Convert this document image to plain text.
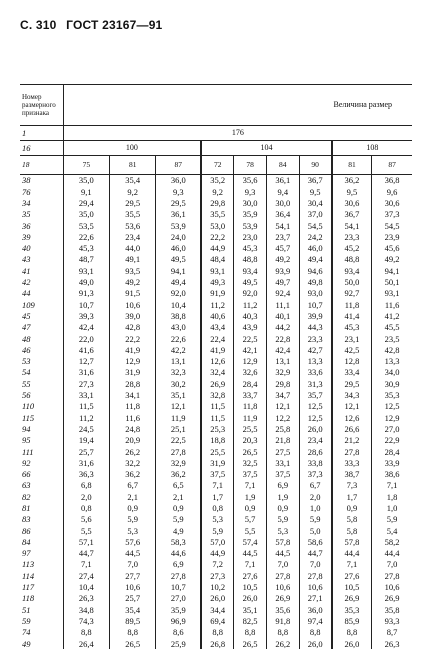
С. 310 ГОСТ 23167—91
Номер размерного признака	Величина размер								
1	176								
16	100			104				108	
18	75	81	87	72	78	84	90	81	87
38	35,0	35,4	36,0	35,2	35,6	36,1	36,7	36,2	36,8
76	9,1	9,2	9,3	9,2	9,3	9,4	9,5	9,5	9,6
34	29,4	29,5	29,5	29,8	30,0	30,0	30,4	30,6	30,6
35	35,0	35,5	36,1	35,5	35,9	36,4	37,0	36,7	37,3
36	53,5	53,6	53,9	53,0	53,9	54,1	54,5	54,1	54,5
39	22,6	23,4	24,0	22,2	23,0	23,7	24,2	23,3	23,9
40	45,3	44,0	46,0	44,9	45,3	45,7	46,0	45,2	45,6
43	48,7	49,1	49,5	48,4	48,8	49,2	49,4	48,8	49,2
41	93,1	93,5	94,1	93,1	93,4	93,9	94,6	93,4	94,1
42	49,0	49,2	49,4	49,3	49,5	49,7	49,8	50,0	50,1
44	91,3	91,5	92,0	91,9	92,0	92,4	93,0	92,7	93,1
109	10,7	10,6	10,4	11,2	11,2	11,1	10,7	11,8	11,6
45	39,3	39,0	38,8	40,6	40,3	40,1	39,9	41,4	41,2
47	42,4	42,8	43,0	43,4	43,9	44,2	44,3	45,3	45,5
48	22,0	22,2	22,6	22,4	22,5	22,8	23,3	23,1	23,5
46	41,6	41,9	42,2	41,9	42,1	42,4	42,7	42,5	42,8
53	12,7	12,9	13,1	12,6	12,9	13,1	13,3	12,8	13,3
54	31,6	31,9	32,3	32,4	32,6	32,9	33,6	33,4	34,0
55	27,3	28,8	30,2	26,9	28,4	29,8	31,3	29,5	30,9
56	33,1	34,1	35,1	32,8	33,7	34,7	35,7	34,3	35,3
110	11,5	11,8	12,1	11,5	11,8	12,1	12,5	12,1	12,5
115	11,2	11,6	11,9	11,5	11,9	12,2	12,5	12,6	12,9
94	24,5	24,8	25,1	25,3	25,5	25,8	26,0	26,6	27,0
95	19,4	20,9	22,5	18,8	20,3	21,8	23,4	21,2	22,9
111	25,7	26,2	27,8	25,5	26,5	27,5	28,6	27,8	28,4
92	31,6	32,2	32,9	31,9	32,5	33,1	33,8	33,3	33,9
66	36,3	36,2	36,2	37,5	37,5	37,5	37,3	38,7	38,6
63	6,8	6,7	6,5	7,1	7,1	6,9	6,7	7,3	7,1
82	2,0	2,1	2,1	1,7	1,9	1,9	2,0	1,7	1,8
81	0,8	0,9	0,9	0,8	0,9	0,9	1,0	0,9	1,0
83	5,6	5,9	5,9	5,3	5,7	5,9	5,9	5,8	5,9
86	5,5	5,3	4,9	5,9	5,5	5,3	5,0	5,8	5,4
84	57,1	57,6	58,3	57,0	57,4	57,8	58,6	57,8	58,2
97	44,7	44,5	44,6	44,9	44,5	44,5	44,7	44,4	44,4
113	7,1	7,0	6,9	7,2	7,1	7,0	7,0	7,1	7,0
114	27,4	27,7	27,8	27,3	27,6	27,8	27,8	27,6	27,8
117	10,4	10,6	10,7	10,2	10,5	10,6	10,6	10,5	10,6
118	26,3	25,7	27,0	26,0	26,0	26,9	27,1	26,9	26,9
51	34,8	35,4	35,9	34,4	35,1	35,6	36,0	35,3	35,8
59	74,3	89,5	96,9	69,4	82,5	91,8	97,4	85,9	93,3
74	8,8	8,8	8,6	8,8	8,8	8,8	8,8	8,8	8,7
49	26,4	26,5	25,9	26,8	26,5	26,2	26,0	26,0	26,3
